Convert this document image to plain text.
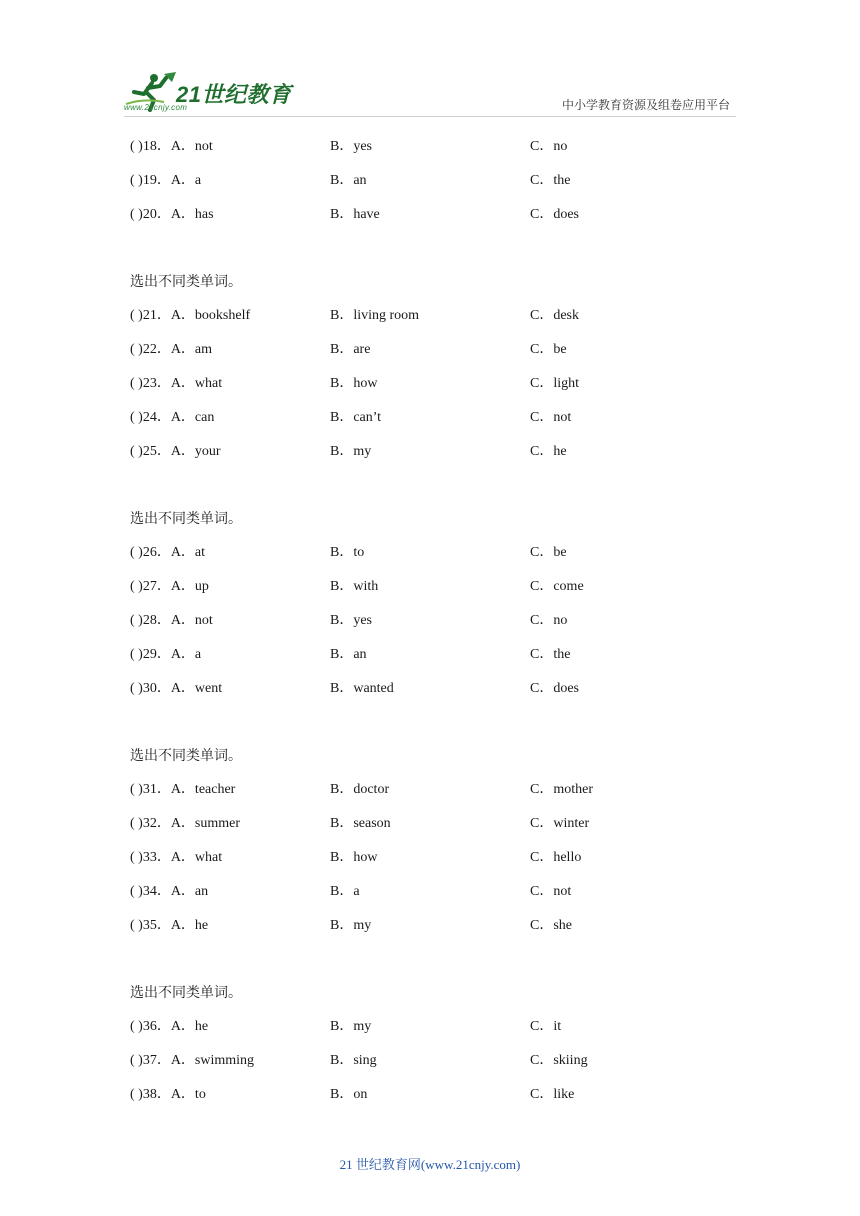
21世纪教育
www.21cnjy.com	中小学教育资源及组卷应用平台
( )18．A．not	B．yes	C．no
( )19．A．a	B．an	C．the
( )20．A．has	B．have	C．does
选出不同类单词。
( )21．A．bookshelf	B．living room	C．desk
( )22．A．am	B．are	C．be
( )23．A．what	B．how	C．light
( )24．A．can	B．can’t	C．not
( )25．A．your	B．my	C．he
选出不同类单词。
( )26．A．at	B．to	C．be
( )27．A．up	B．with	C．come
( )28．A．not	B．yes	C．no
( )29．A．a	B．an	C．the
( )30．A．went	B．wanted	C．does
选出不同类单词。
( )31．A．teacher	B．doctor	C．mother
( )32．A．summer	B．season	C．winter
( )33．A．what	B．how	C．hello
( )34．A．an	B．a	C．not
( )35．A．he	B．my	C．she
选出不同类单词。
( )36．A．he	B．my	C．it
( )37．A．swimming	B．sing	C．skiing
( )38．A．to	B．on	C．like
21 世纪教育网(www.21cnjy.com)
